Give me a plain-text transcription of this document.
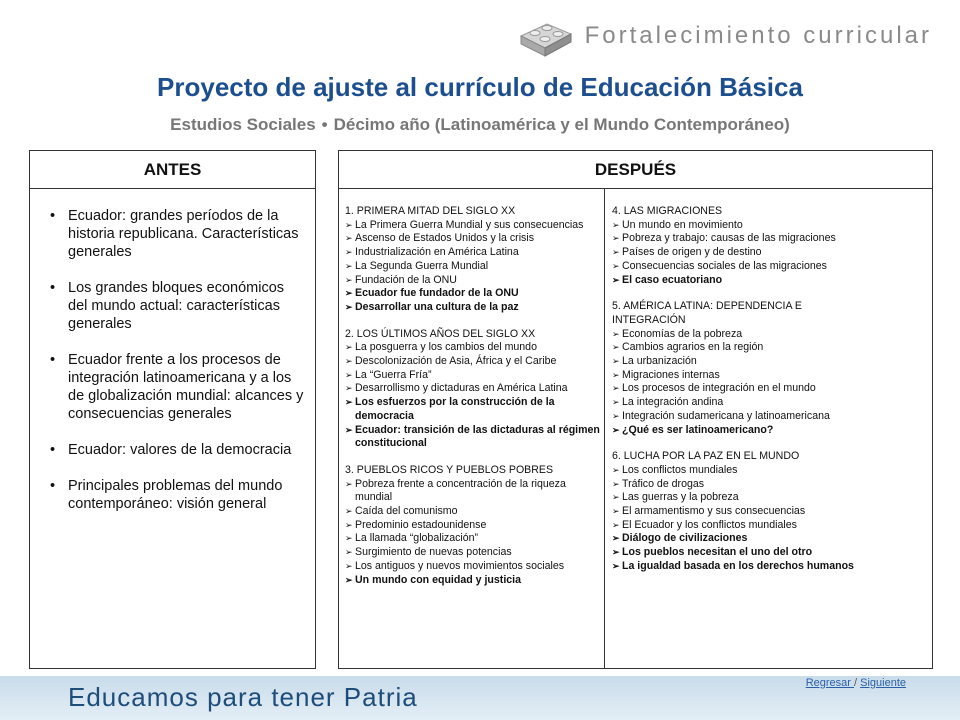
Fortalecimiento curricular
Proyecto de ajuste al currículo de Educación Básica
Estudios Sociales • Décimo año (Latinoamérica y el Mundo Contemporáneo)
ANTES
• Ecuador: grandes períodos de la historia republicana. Características generales
• Los grandes bloques económicos del mundo actual: características generales
• Ecuador frente a los procesos de integración latinoamericana y a los de globalización mundial: alcances y consecuencias generales
• Ecuador: valores de la democracia
• Principales problemas del mundo contemporáneo: visión general
DESPUÉS
1. PRIMERA MITAD DEL SIGLO XX
➢ La Primera Guerra Mundial y sus consecuencias
➢ Ascenso de Estados Unidos y la crisis
➢ Industrialización en América Latina
➢ La Segunda Guerra Mundial
➢ Fundación de la ONU
➢ Ecuador fue fundador de la ONU
➢ Desarrollar una cultura de la paz
2. LOS ÚLTIMOS AÑOS DEL SIGLO XX
➢ La posguerra y los cambios del mundo
➢ Descolonización de Asia, África y el Caribe
➢ La “Guerra Fría”
➢ Desarrollismo y dictaduras en América Latina
➢ Los esfuerzos por la construcción de la democracia
➢ Ecuador: transición de las dictaduras al régimen constitucional
3. PUEBLOS RICOS Y PUEBLOS POBRES
➢ Pobreza frente a concentración de la riqueza mundial
➢ Caída del comunismo
➢ Predominio estadounidense
➢ La llamada “globalización”
➢ Surgimiento de nuevas potencias
➢ Los antiguos y nuevos movimientos sociales
➢ Un mundo con equidad y justicia
4. LAS MIGRACIONES
➢ Un mundo en movimiento
➢ Pobreza y trabajo: causas de las migraciones
➢ Países de origen y de destino
➢ Consecuencias sociales de las migraciones
➢ El caso ecuatoriano
5. AMÉRICA LATINA: DEPENDENCIA E INTEGRACIÓN
➢ Economías de la pobreza
➢ Cambios agrarios en la región
➢ La urbanización
➢ Migraciones internas
➢ Los procesos de integración en el mundo
➢ La integración andina
➢ Integración sudamericana y latinoamericana
➢ ¿Qué es ser latinoamericano?
6. LUCHA POR LA PAZ EN EL MUNDO
➢ Los conflictos mundiales
➢ Tráfico de drogas
➢ Las guerras y la pobreza
➢ El armamentismo y sus consecuencias
➢ El Ecuador y los conflictos mundiales
➢ Diálogo de civilizaciones
➢ Los pueblos necesitan el uno del otro
➢ La igualdad basada en los derechos humanos
Educamos para tener Patria	Regresar / Siguiente
